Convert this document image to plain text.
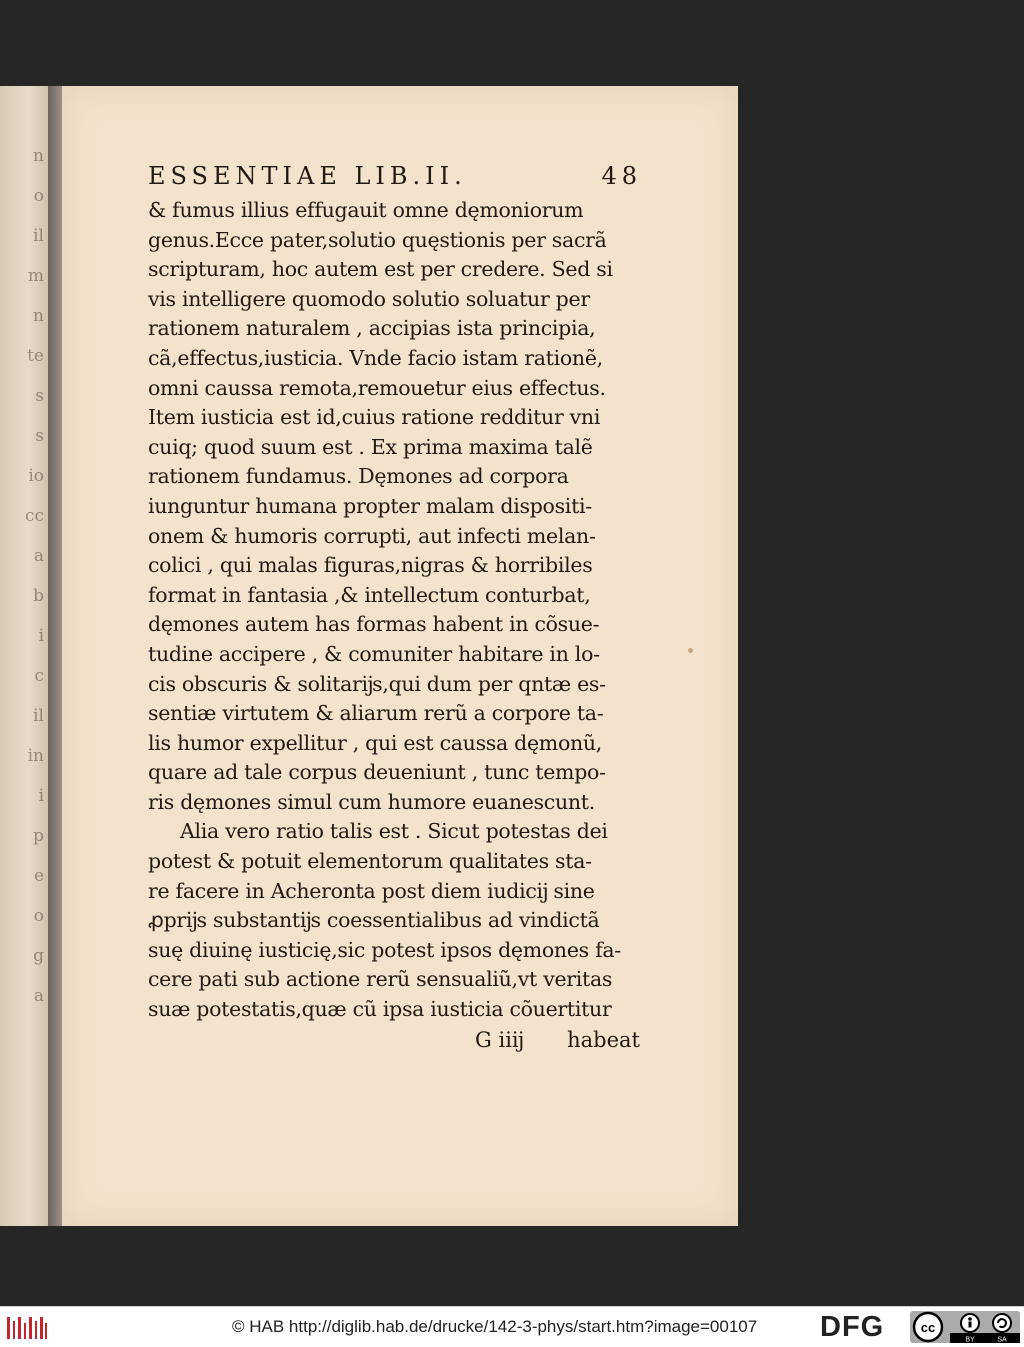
n
o
il
m
n
te
s
s
io
cc
a
b
i
c
il
in
i
p
e
o
g
a
ESSENTIAE LIB.II.	48
& fumus illius effugauit omne dęmoniorum
genus.Ecce pater,solutio quęstionis per sacrã
scripturam, hoc autem est per credere. Sed si
vis intelligere quomodo solutio soluatur per
rationem naturalem , accipias ista principia,
cã,effectus,iusticia. Vnde facio istam rationẽ,
omni caussa remota,remouetur eius effectus.
Item iusticia est id,cuius ratione redditur vni
cuiq; quod suum est . Ex prima maxima talẽ
rationem fundamus. Dęmones ad corpora
iunguntur humana propter malam dispositi-
onem & humoris corrupti, aut infecti melan-
colici , qui malas figuras,nigras & horribiles
format in fantasia ,& intellectum conturbat,
dęmones autem has formas habent in cõsue-
tudine accipere , & comuniter habitare in lo-
cis obscuris & solitarĳs,qui dum per qntæ es-
sentiæ virtutem & aliarum rerũ a corpore ta-
lis humor expellitur , qui est caussa dęmonũ,
quare ad tale corpus deueniunt , tunc tempo-
ris dęmones simul cum humore euanescunt.
Alia vero ratio talis est . Sicut potestas dei
potest & potuit elementorum qualitates sta-
re facere in Acheronta post diem iudicĳ sine
ꝓprĳs substantĳs coessentialibus ad vindictã
suę diuinę iusticię,sic potest ipsos dęmones fa-
cere pati sub actione rerũ sensualiũ,vt veritas
suæ potestatis,quæ cũ ipsa iusticia cõuertitur
G iiĳ habeat
© HAB http://diglib.hab.de/drucke/142-3-phys/start.htm?image=00107 DFG	cc
BY	SA
